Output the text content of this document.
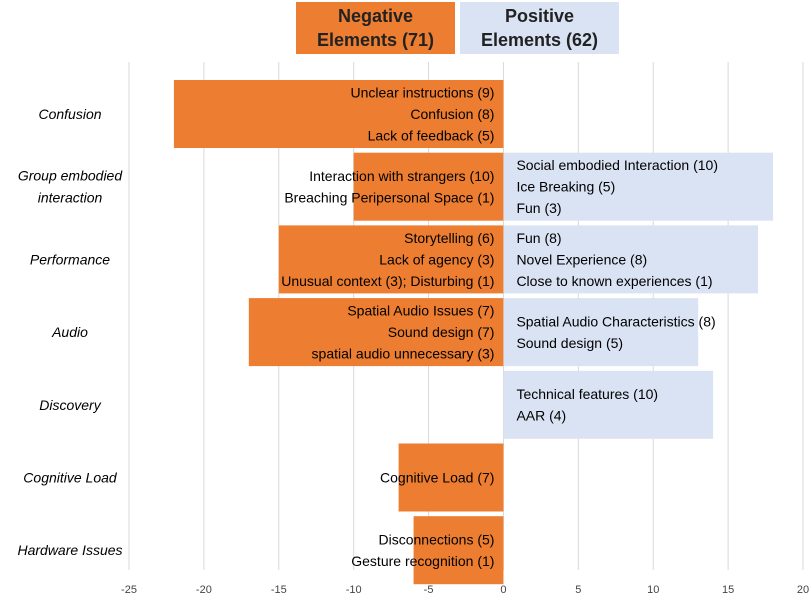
Confusion
Unclear instructions (9)
Confusion (8)
Lack of feedback (5)
Group embodied
interaction
Interaction with strangers (10)
Breaching Peripersonal Space (1)
Social embodied Interaction (10)
Ice Breaking (5)
Fun (3)
Performance
Storytelling (6)
Lack of agency (3)
Unusual context (3); Disturbing (1)
Fun (8)
Novel Experience (8)
Close to known experiences (1)
Audio
Spatial Audio Issues (7)
Sound design (7)
spatial audio unnecessary (3)
Spatial Audio Characteristics (8)
Sound design (5)
Discovery
Technical features (10)
AAR (4)
Cognitive Load	Cognitive Load (7)
Hardware Issues
Disconnections (5)
Gesture recognition (1)
-25	-20	-15	-10	-5	0	5	10	15	20
Negative
Elements (71)
Positive
Elements (62)
